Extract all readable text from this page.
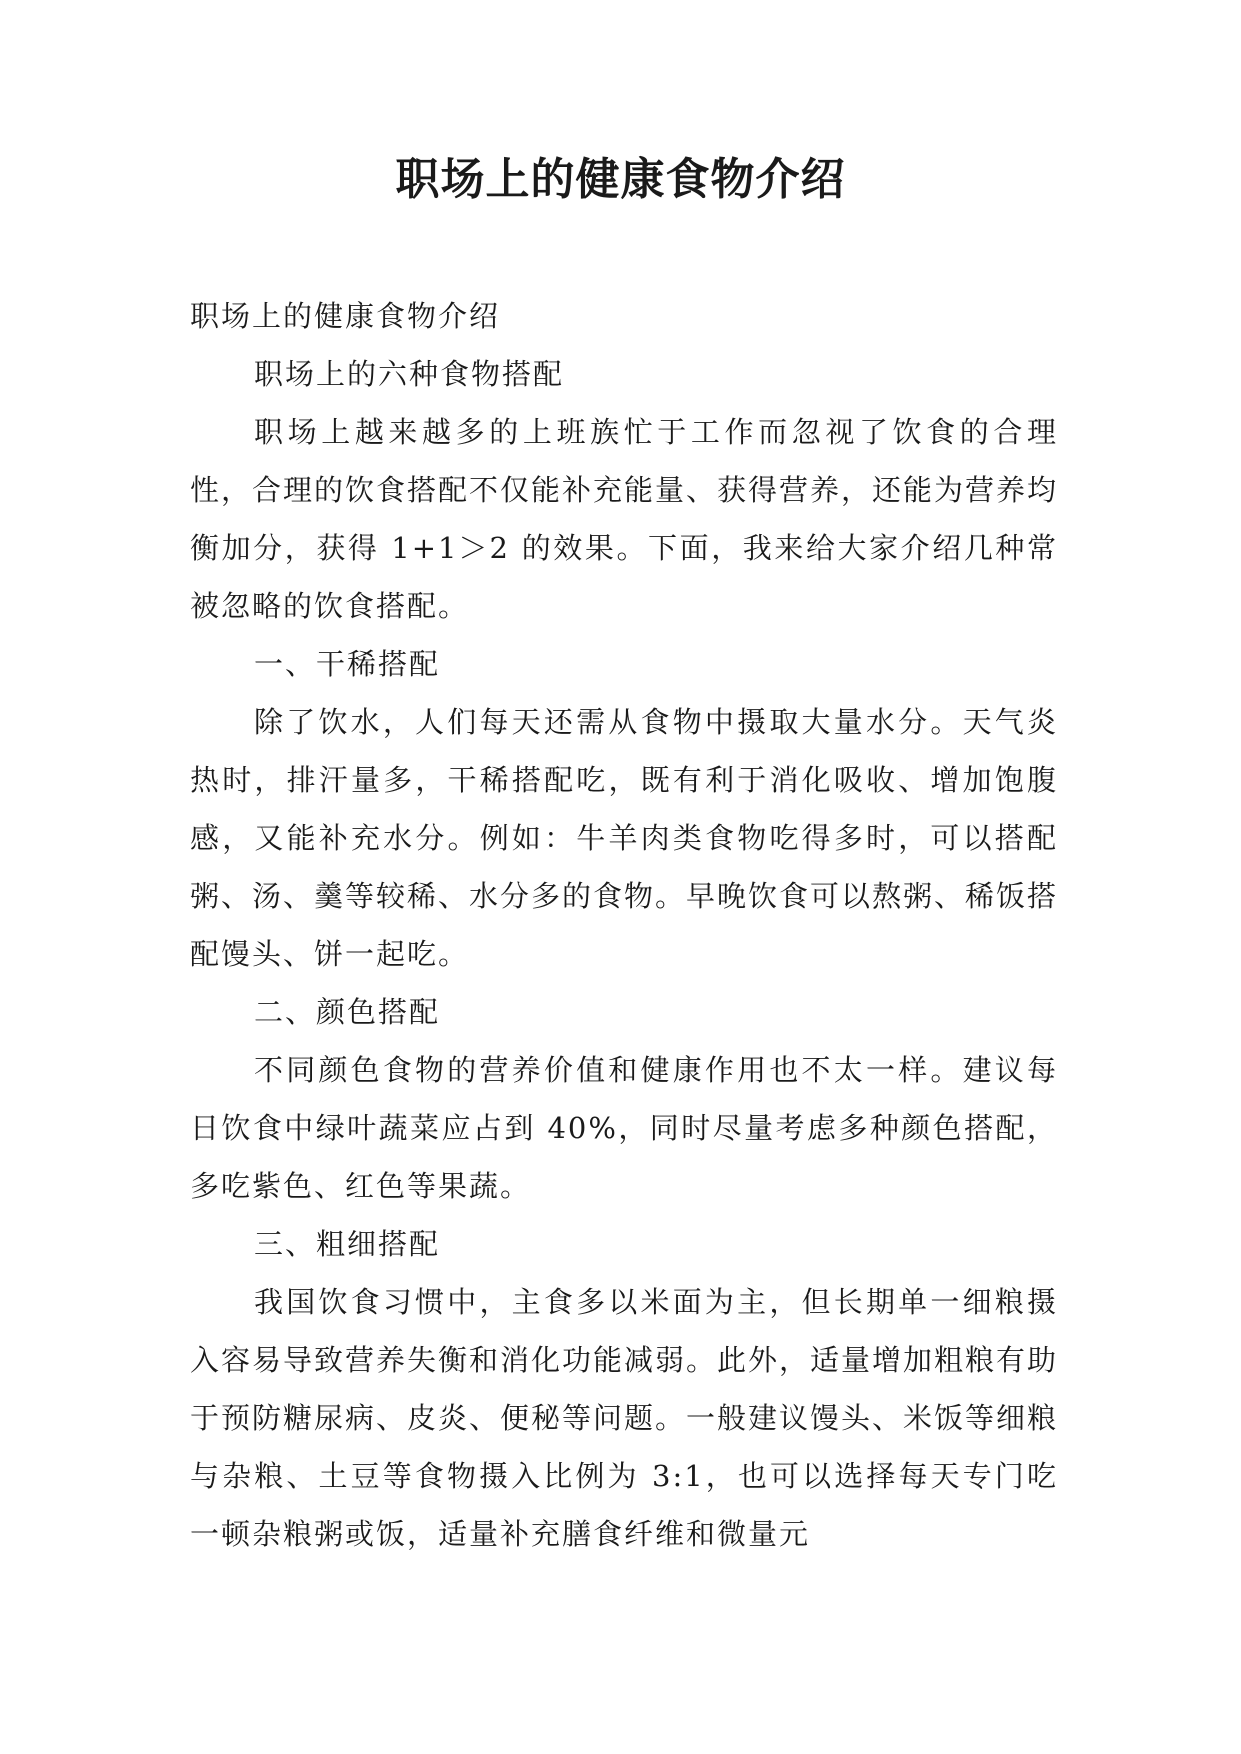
职场上的健康食物介绍

职场上的健康食物介绍

职场上的六种食物搭配

职场上越来越多的上班族忙于工作而忽视了饮食的合理性，合理的饮食搭配不仅能补充能量、获得营养，还能为营养均衡加分，获得 1+1＞2 的效果。下面，我来给大家介绍几种常被忽略的饮食搭配。

一、干稀搭配

除了饮水，人们每天还需从食物中摄取大量水分。天气炎热时，排汗量多，干稀搭配吃，既有利于消化吸收、增加饱腹感，又能补充水分。例如：牛羊肉类食物吃得多时，可以搭配粥、汤、羹等较稀、水分多的食物。早晚饮食可以熬粥、稀饭搭配馒头、饼一起吃。

二、颜色搭配

不同颜色食物的营养价值和健康作用也不太一样。建议每日饮食中绿叶蔬菜应占到 40%，同时尽量考虑多种颜色搭配，多吃紫色、红色等果蔬。

三、粗细搭配

我国饮食习惯中，主食多以米面为主，但长期单一细粮摄入容易导致营养失衡和消化功能减弱。此外，适量增加粗粮有助于预防糖尿病、皮炎、便秘等问题。一般建议馒头、米饭等细粮与杂粮、土豆等食物摄入比例为 3:1，也可以选择每天专门吃一顿杂粮粥或饭，适量补充膳食纤维和微量元
